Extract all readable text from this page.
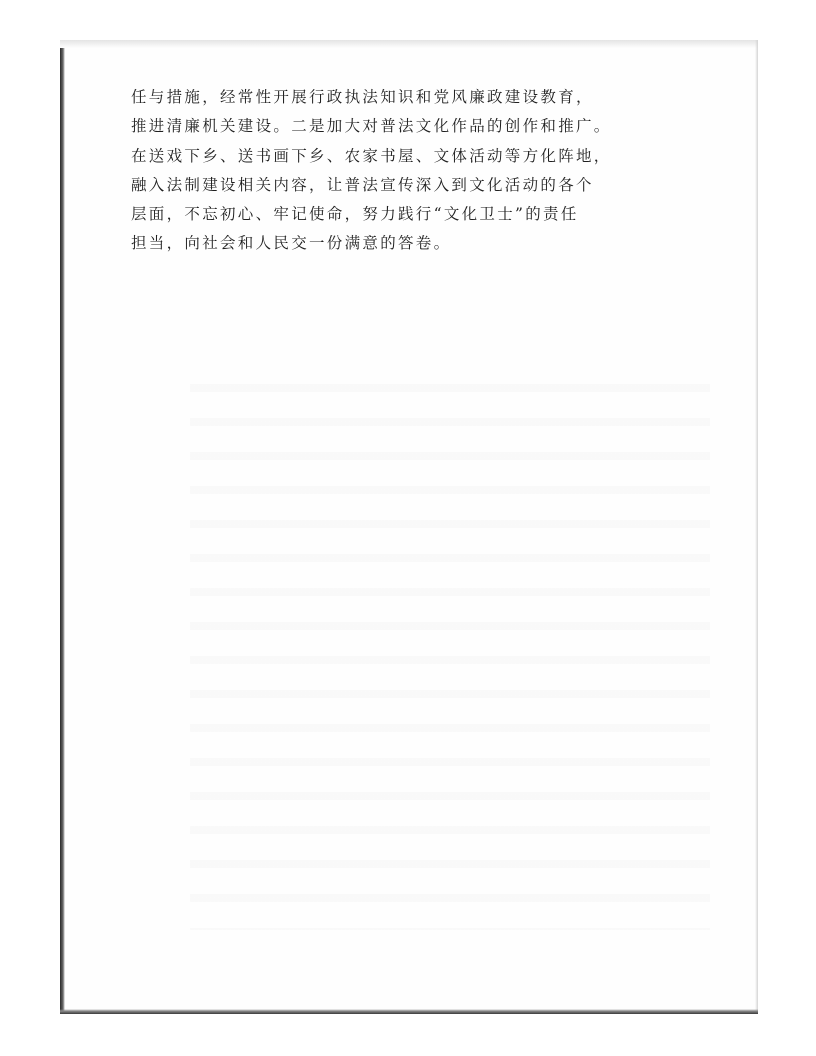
任与措施，经常性开展行政执法知识和党风廉政建设教育，
推进清廉机关建设。二是加大对普法文化作品的创作和推广。
在送戏下乡、送书画下乡、农家书屋、文体活动等方化阵地，
融入法制建设相关内容，让普法宣传深入到文化活动的各个
层面，不忘初心、牢记使命，努力践行“文化卫士”的责任
担当，向社会和人民交一份满意的答卷。
